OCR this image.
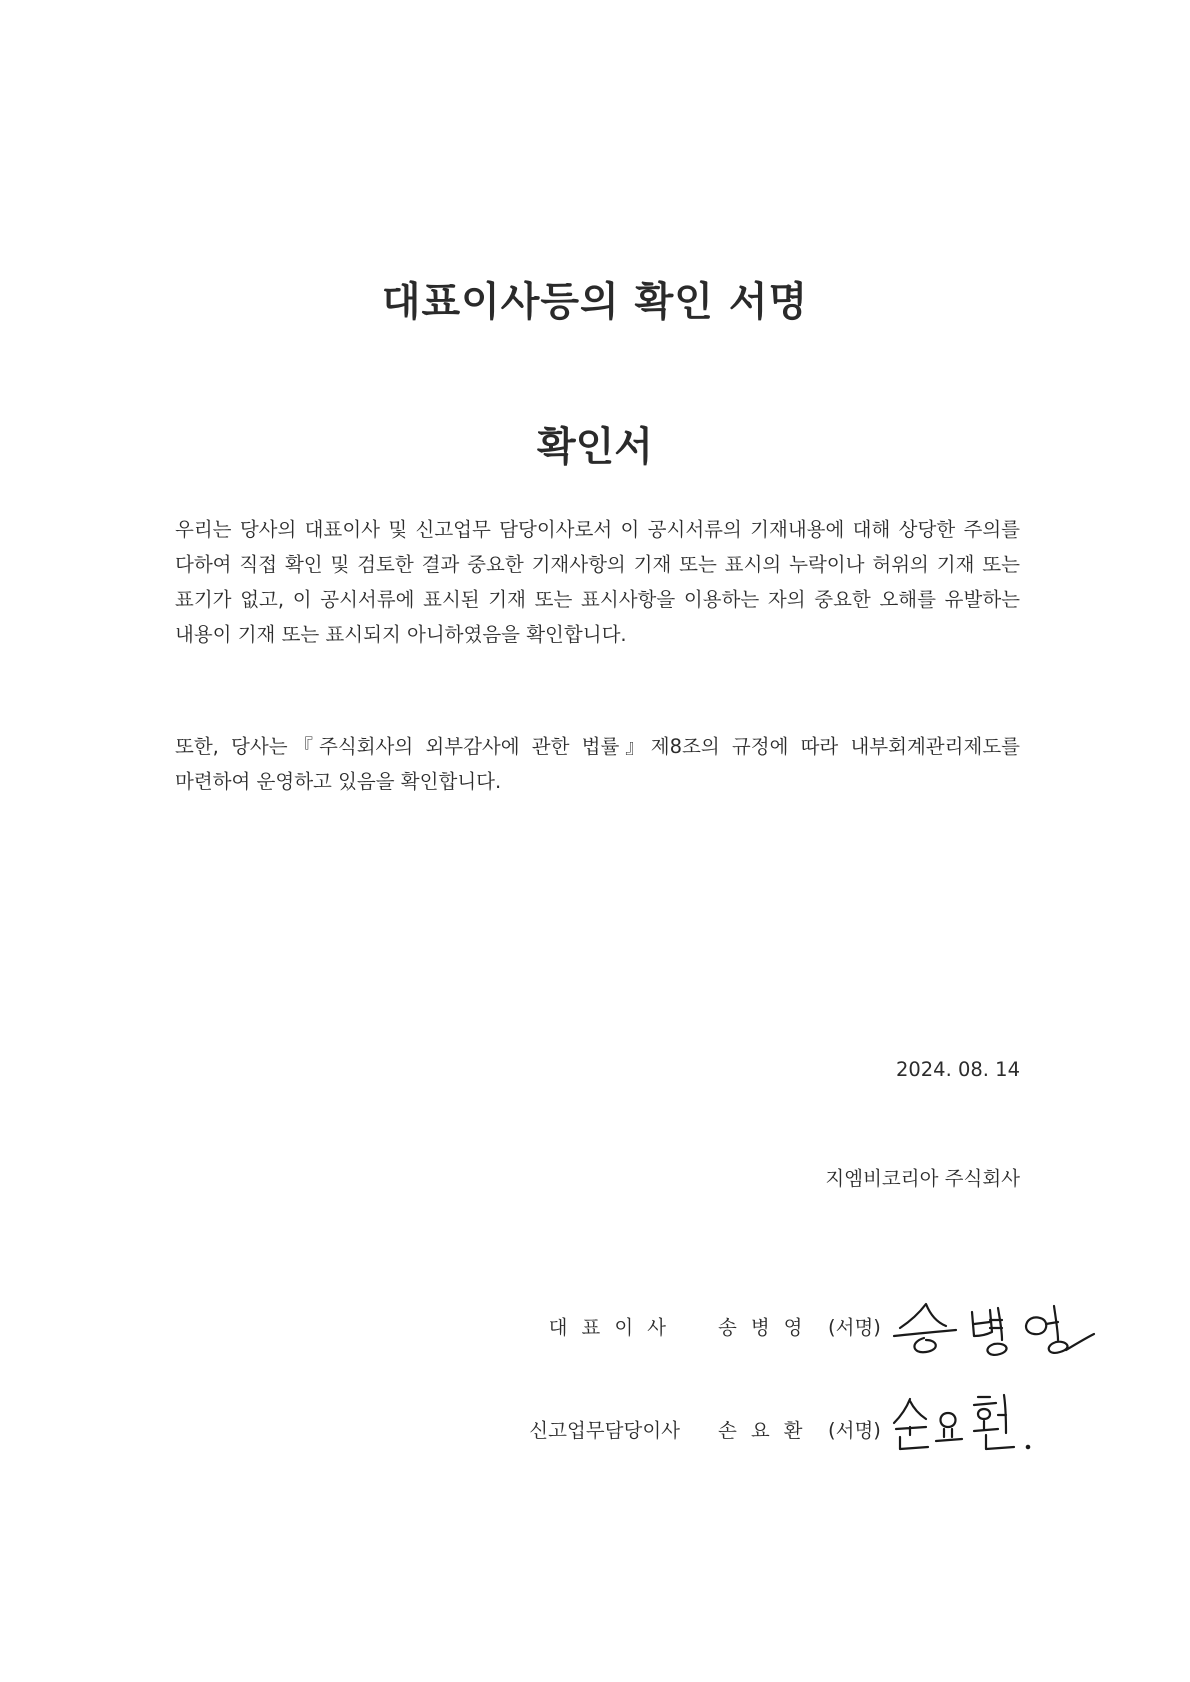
대표이사등의 확인 서명
확인서

우리는 당사의 대표이사 및 신고업무 담당이사로서 이 공시서류의 기재내용에 대해 상당한 주의를 다하여 직접 확인 및 검토한 결과 중요한 기재사항의 기재 또는 표시의 누락이나 허위의 기재 또는 표기가 없고, 이 공시서류에 표시된 기재 또는 표시사항을 이용하는 자의 중요한 오해를 유발하는 내용이 기재 또는 표시되지 아니하였음을 확인합니다.

또한, 당사는『주식회사의 외부감사에 관한 법률』제8조의 규정에 따라 내부회계관리제도를 마련하여 운영하고 있음을 확인합니다.

2024. 08. 14

지엠비코리아 주식회사

대표이사 송병영 (서명)
신고업무담당이사 손요환 (서명)
